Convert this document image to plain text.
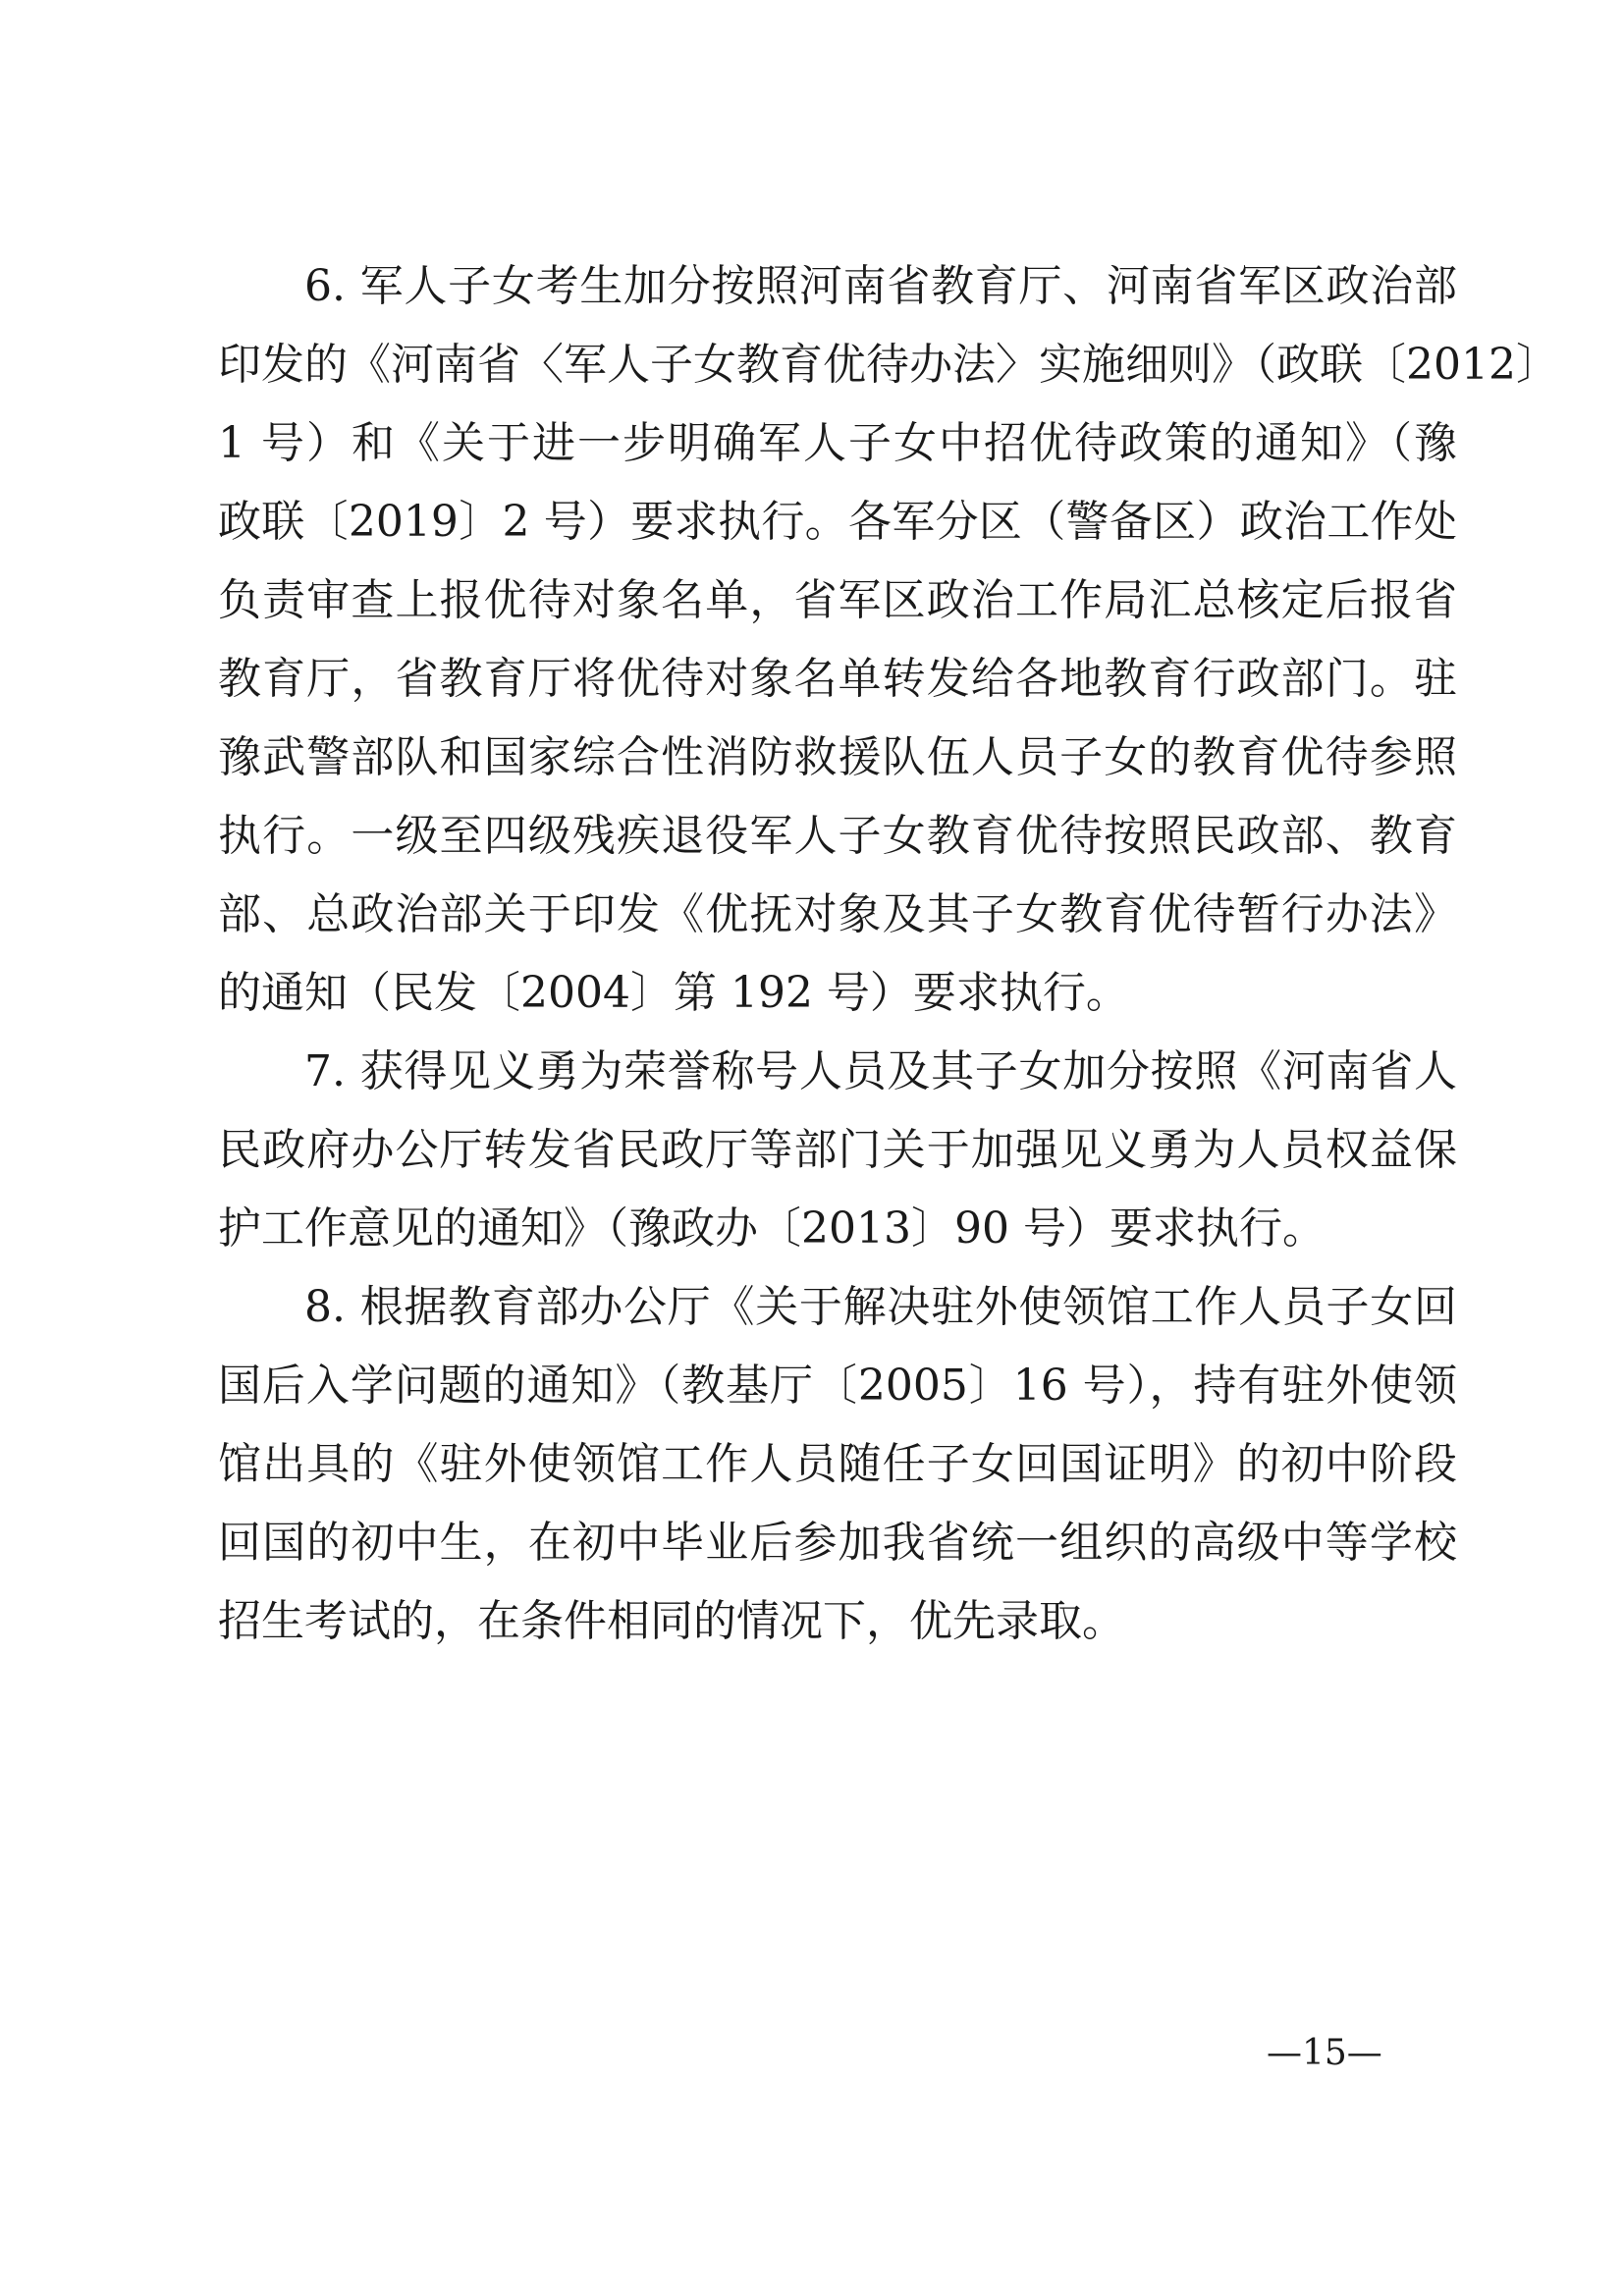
6. 军人子女考生加分按照河南省教育厅、河南省军区政治部
印发的《河南省〈军人子女教育优待办法〉实施细则》（政联〔2012〕
1 号）和《关于进一步明确军人子女中招优待政策的通知》（豫
政联〔2019〕2 号）要求执行。各军分区（警备区）政治工作处
负责审查上报优待对象名单，省军区政治工作局汇总核定后报省
教育厅，省教育厅将优待对象名单转发给各地教育行政部门。驻
豫武警部队和国家综合性消防救援队伍人员子女的教育优待参照
执行。一级至四级残疾退役军人子女教育优待按照民政部、教育
部、总政治部关于印发《优抚对象及其子女教育优待暂行办法》
的通知（民发〔2004〕第 192 号）要求执行。
7. 获得见义勇为荣誉称号人员及其子女加分按照《河南省人
民政府办公厅转发省民政厅等部门关于加强见义勇为人员权益保
护工作意见的通知》（豫政办〔2013〕90 号）要求执行。
8. 根据教育部办公厅《关于解决驻外使领馆工作人员子女回
国后入学问题的通知》（教基厅〔2005〕16 号），持有驻外使领
馆出具的《驻外使领馆工作人员随任子女回国证明》的初中阶段
回国的初中生，在初中毕业后参加我省统一组织的高级中等学校
招生考试的，在条件相同的情况下，优先录取。
—15—
